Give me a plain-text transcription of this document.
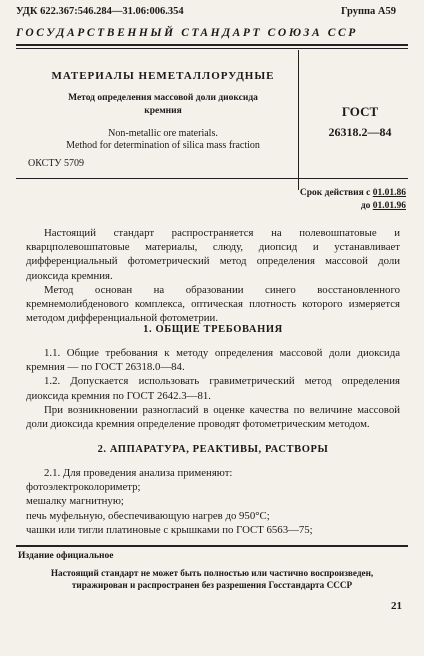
УДК 622.367:546.284—31.06:006.354	Группа А59
ГОСУДАРСТВЕННЫЙ СТАНДАРТ СОЮЗА ССР
МАТЕРИАЛЫ НЕМЕТАЛЛОРУДНЫЕ
Метод определения массовой доли диоксида
кремния
Non-metallic ore materials.
Method for determination of silica mass fraction
ГОСТ
26318.2—84
ОКСТУ 5709
Срок действия с 01.01.86
до 01.01.96

Настоящий стандарт распространяется на полевошпатовые и кварцполевошпатовые материалы, слюду, диопсид и устанавливает дифференциальный фотометрический метод определения массовой доли диоксида кремния.

Метод основан на образовании синего восстановленного кремнемолибденового комплекса, оптическая плотность которого измеряется методом дифференциальной фотометрии.

1. ОБЩИЕ ТРЕБОВАНИЯ

1.1. Общие требования к методу определения массовой доли диоксида кремния — по ГОСТ 26318.0—84.

1.2. Допускается использовать гравиметрический метод определения диоксида кремния по ГОСТ 2642.3—81.

При возникновении разногласий в оценке качества по величине массовой доли диоксида кремния определение проводят фотометрическим методом.

2. АППАРАТУРА, РЕАКТИВЫ, РАСТВОРЫ
2.1. Для проведения анализа применяют:
фотоэлектроколориметр;
мешалку магнитную;
печь муфельную, обеспечивающую нагрев до 950°С;
чашки или тигли платиновые с крышками по ГОСТ 6563—75;
Издание официальное
Настоящий стандарт не может быть полностью или частично воспроизведен,
тиражирован и распространен без разрешения Госстандарта СССР
21
